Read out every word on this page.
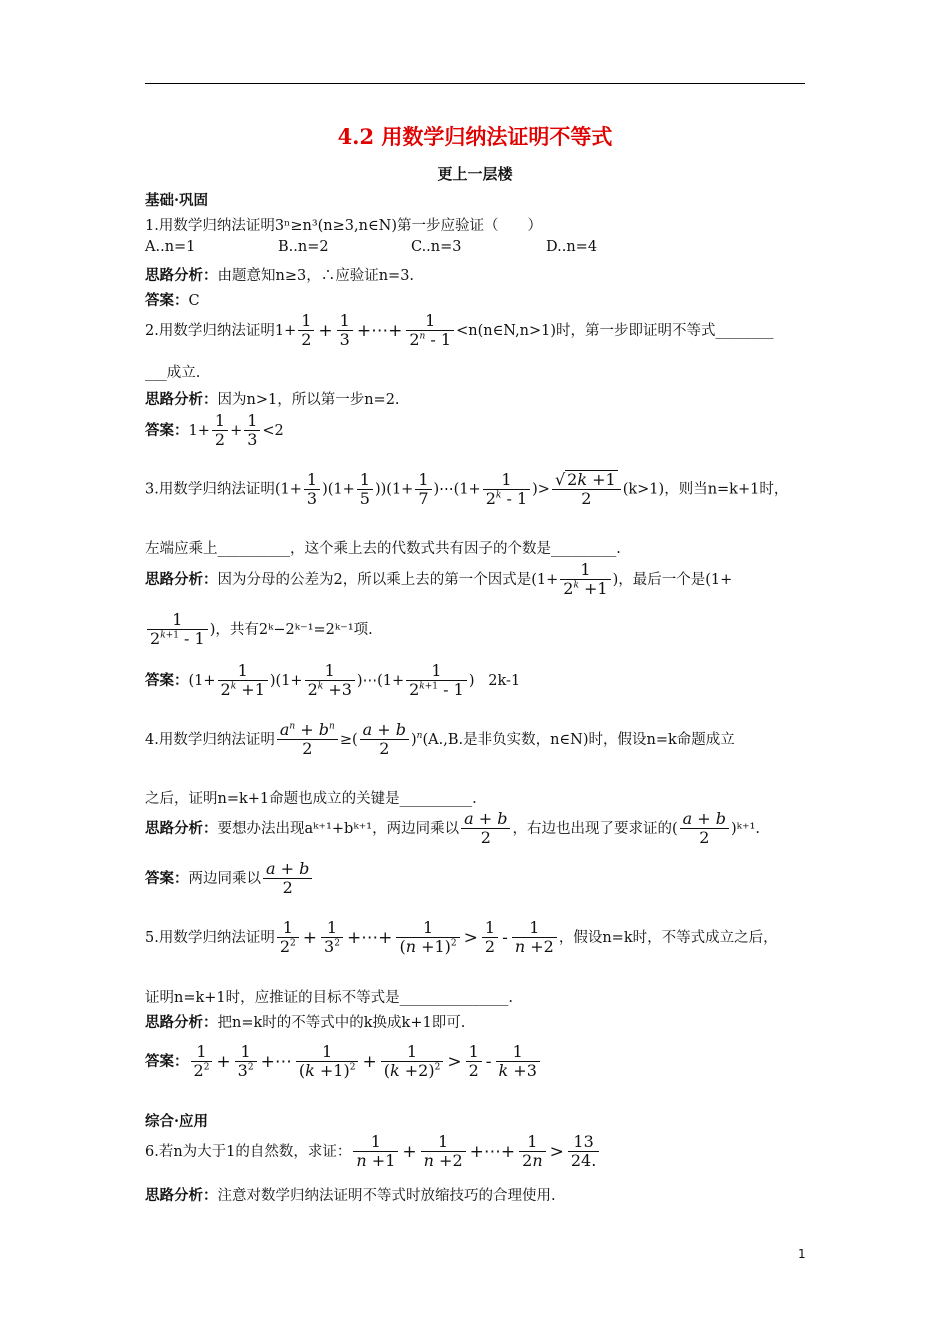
4.2 用数学归纳法证明不等式
更上一层楼
基础·巩固
1.用数学归纳法证明3ⁿ≥n³(n≥3,n∈N)第一步应验证（　　）
A..n=1	B..n=2	C..n=3	D..n=4
思路分析：由题意知n≥3，∴应验证n=3.
答案：C
2.用数学归纳法证明$1+ \frac{1}{2} + \frac{1}{3}$ +⋯+ $\frac{1}{2^n - 1}$ <n(n∈N,n>1)时，第一步即证明不等式________
___成立.
思路分析：因为n>1，所以第一步n=2.
答案：$1+ \frac{1}{2} + \frac{1}{3} <2$
3.用数学归纳法证明$(1+ \frac{1}{3} )(1+ \frac{1}{5} ))(1+ \frac{1}{7}$ )⋯(1+ $\frac{1}{2^k - 1}$ )> $\frac{√ 2k +1}{2} (k>1)$，则当n=k+1时，
左端应乘上__________，这个乘上去的代数式共有因子的个数是_________.
思路分析：因为分母的公差为2，所以乘上去的第一个因式是($1+ \frac{1}{2^k +1}$ )，最后一个是(1+
$\frac{1}{2^{k+1} - 1}$ )，共有2ᵏ−2ᵏ⁻¹=2ᵏ⁻¹项.
答案：$(1+ \frac{1}{2^k +1} )(1+ \frac{1}{2^k +3}$ )⋯(1+ $\frac{1}{2^{k+1} - 1}$ )   2k-1
4.用数学归纳法证明 $\frac{a^n + b^n}{2}$ ≥( $\frac{a + b}{2} )^n(A.,B$.是非负实数，n∈N)时，假设n=k命题成立
之后，证明n=k+1命题也成立的关键是__________.
思路分析：要想办法出现aᵏ⁺¹+bᵏ⁺¹，两边同乘以 $\frac{a + b}{2}$ ，右边也出现了要求证的( $\frac{a + b}{2}$ )ᵏ⁺¹.
答案：两边同乘以 $\frac{a + b}{2}$
5.用数学归纳法证明 $\frac{1}{2^2} + \frac{1}{3^2}$ +⋯+ $\frac{1}{(n +1)^2} > \frac{1}{2} - \frac{1}{n +2}$ ，假设n=k时，不等式成立之后，
证明n=k+1时，应推证的目标不等式是_______________.
思路分析：把n=k时的不等式中的k换成k+1即可.
答案： $\frac{1}{2^2} + \frac{1}{3^2}$ +⋯ $\frac{1}{(k +1)^2} + \frac{1}{(k +2)^2} > \frac{1}{2} - \frac{1}{k +3}$
综合·应用
6.若n为大于1的自然数，求证： $\frac{1}{n +1} + \frac{1}{n +2}$ +⋯+ $\frac{1}{2n} > \frac{13}{24.}$
思路分析：注意对数学归纳法证明不等式时放缩技巧的合理使用.
1
